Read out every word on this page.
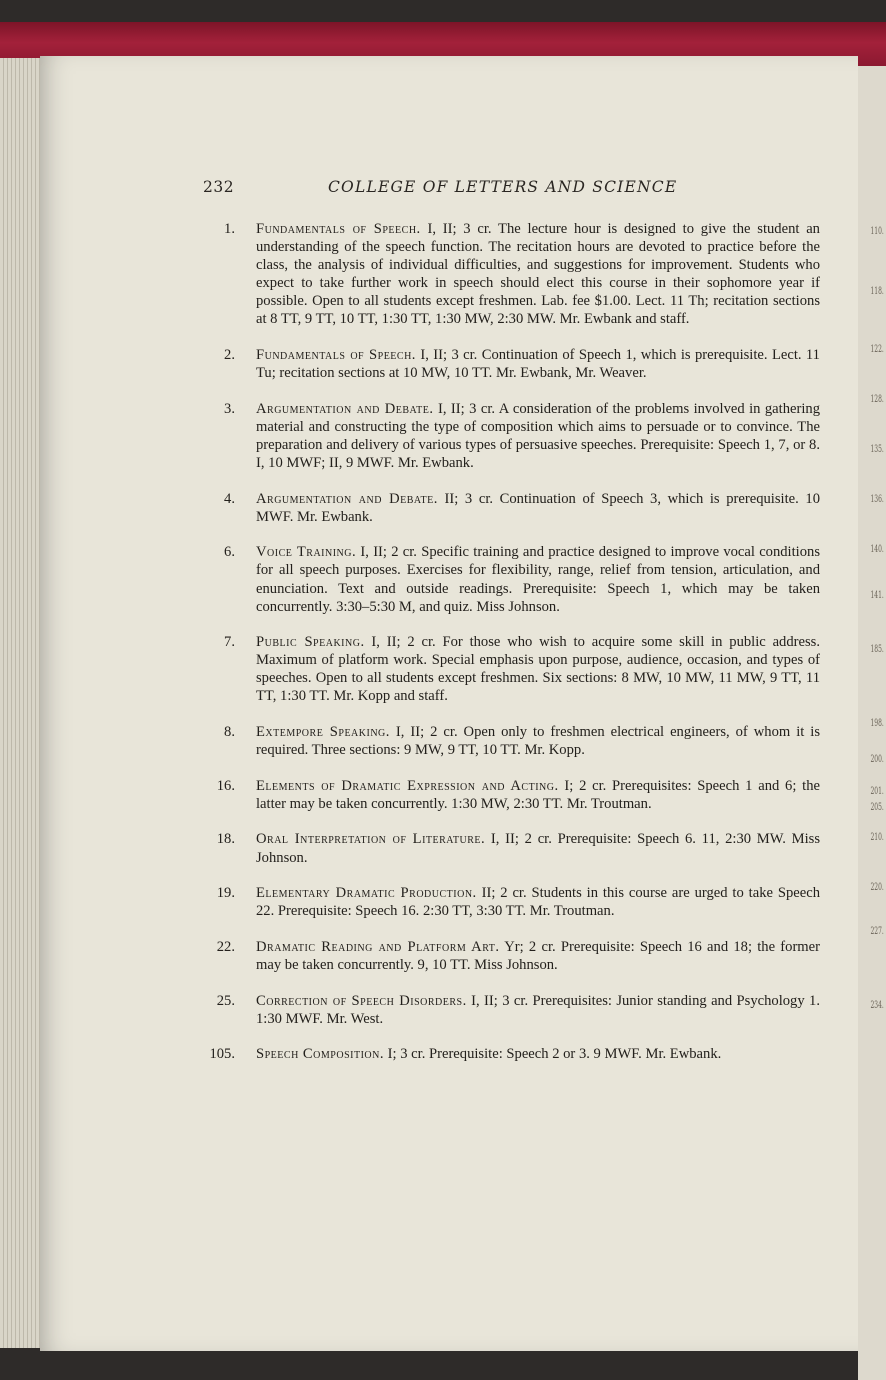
110.
118.
122.
128.
135.
136.
140.
141.
185.
198.
200.
201.
205.
210.
220.
227.
234.
232	COLLEGE OF LETTERS AND SCIENCE
1. Fundamentals of Speech. I, II; 3 cr. The lecture hour is designed to give the student an understanding of the speech function. The recitation hours are devoted to practice before the class, the analysis of individual difficulties, and suggestions for improvement. Students who expect to take further work in speech should elect this course in their sophomore year if possible. Open to all students except freshmen. Lab. fee $1.00. Lect. 11 Th; recitation sections at 8 TT, 9 TT, 10 TT, 1:30 TT, 1:30 MW, 2:30 MW. Mr. Ewbank and staff.
2. Fundamentals of Speech. I, II; 3 cr. Continuation of Speech 1, which is prerequisite. Lect. 11 Tu; recitation sections at 10 MW, 10 TT. Mr. Ewbank, Mr. Weaver.
3. Argumentation and Debate. I, II; 3 cr. A consideration of the problems involved in gathering material and constructing the type of composition which aims to persuade or to convince. The preparation and delivery of various types of persuasive speeches. Prerequisite: Speech 1, 7, or 8. I, 10 MWF; II, 9 MWF. Mr. Ewbank.
4. Argumentation and Debate. II; 3 cr. Continuation of Speech 3, which is prerequisite. 10 MWF. Mr. Ewbank.
6. Voice Training. I, II; 2 cr. Specific training and practice designed to improve vocal conditions for all speech purposes. Exercises for flexibility, range, relief from tension, articulation, and enunciation. Text and outside readings. Prerequisite: Speech 1, which may be taken concurrently. 3:30–5:30 M, and quiz. Miss Johnson.
7. Public Speaking. I, II; 2 cr. For those who wish to acquire some skill in public address. Maximum of platform work. Special emphasis upon purpose, audience, occasion, and types of speeches. Open to all students except freshmen. Six sections: 8 MW, 10 MW, 11 MW, 9 TT, 11 TT, 1:30 TT. Mr. Kopp and staff.
8. Extempore Speaking. I, II; 2 cr. Open only to freshmen electrical engineers, of whom it is required. Three sections: 9 MW, 9 TT, 10 TT. Mr. Kopp.
16. Elements of Dramatic Expression and Acting. I; 2 cr. Prerequisites: Speech 1 and 6; the latter may be taken concurrently. 1:30 MW, 2:30 TT. Mr. Troutman.
18. Oral Interpretation of Literature. I, II; 2 cr. Prerequisite: Speech 6. 11, 2:30 MW. Miss Johnson.
19. Elementary Dramatic Production. II; 2 cr. Students in this course are urged to take Speech 22. Prerequisite: Speech 16. 2:30 TT, 3:30 TT. Mr. Troutman.
22. Dramatic Reading and Platform Art. Yr; 2 cr. Prerequisite: Speech 16 and 18; the former may be taken concurrently. 9, 10 TT. Miss Johnson.
25. Correction of Speech Disorders. I, II; 3 cr. Prerequisites: Junior standing and Psychology 1. 1:30 MWF. Mr. West.
105. Speech Composition. I; 3 cr. Prerequisite: Speech 2 or 3. 9 MWF. Mr. Ewbank.
